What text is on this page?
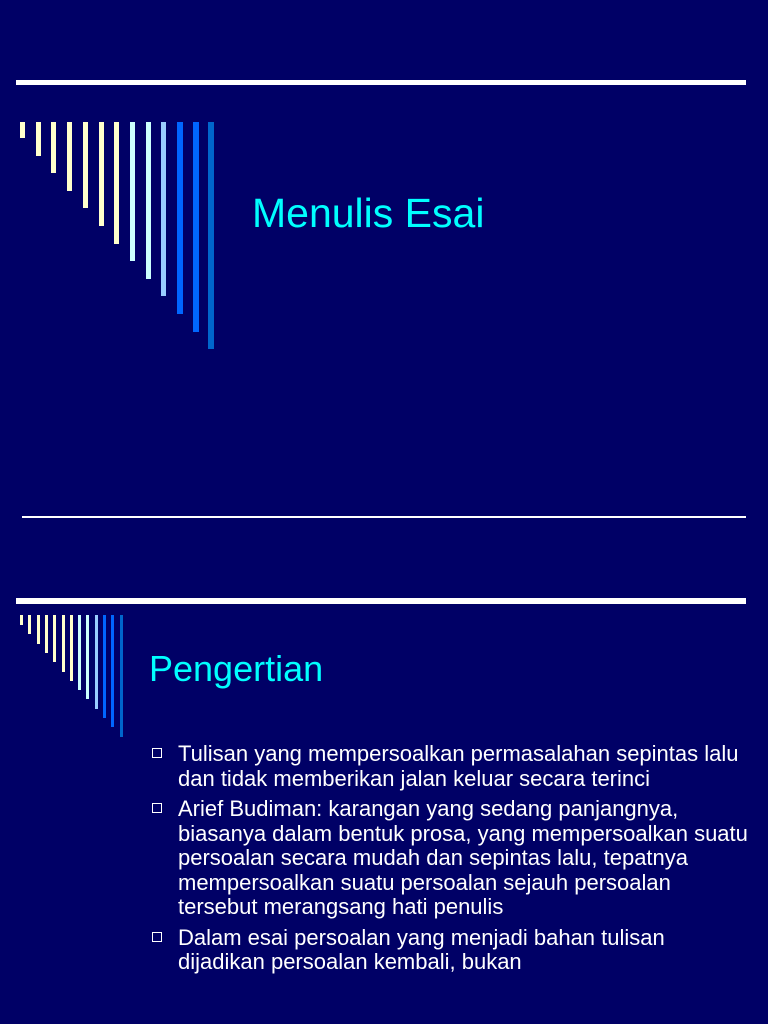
Menulis Esai
Pengertian
Tulisan yang mempersoalkan permasalahan sepintas lalu dan tidak memberikan jalan keluar secara terinci
Arief Budiman: karangan yang sedang panjangnya, biasanya dalam bentuk prosa, yang mempersoalkan suatu persoalan secara mudah dan sepintas lalu, tepatnya mempersoalkan suatu persoalan sejauh persoalan tersebut merangsang hati penulis
Dalam esai persoalan yang menjadi bahan tulisan dijadikan persoalan kembali, bukan
